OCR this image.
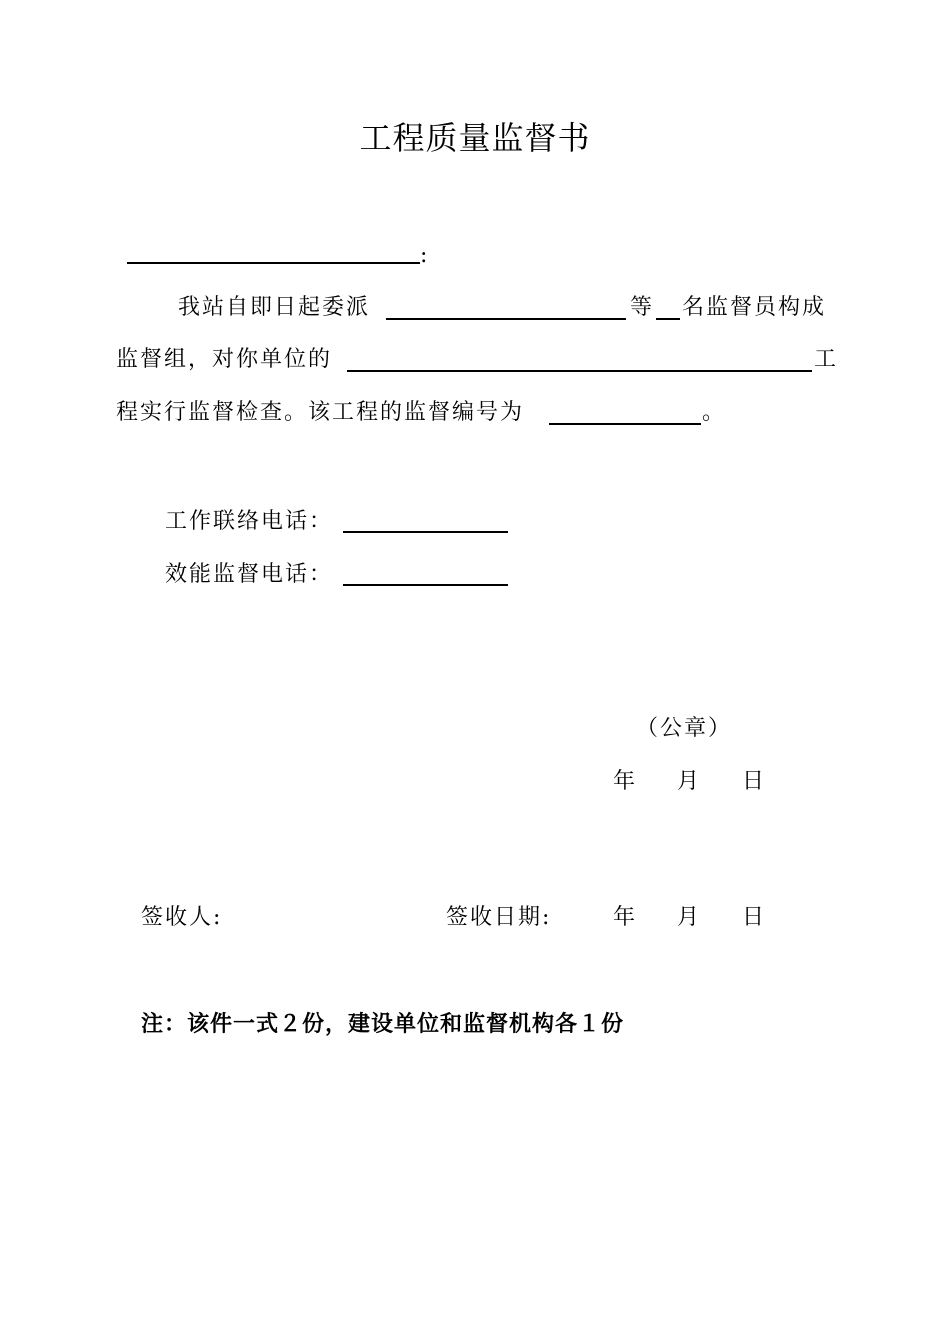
工程质量监督书
:
我站自即日起委派	等 名监督员构成
监督组，对你单位的	工
程实行监督检查。该工程的监督编号为	。
工作联络电话：
效能监督电话：
（公章）
年 月 日
签收人:	签收日期:	年 月 日
注：该件一式２份，建设单位和监督机构各１份
